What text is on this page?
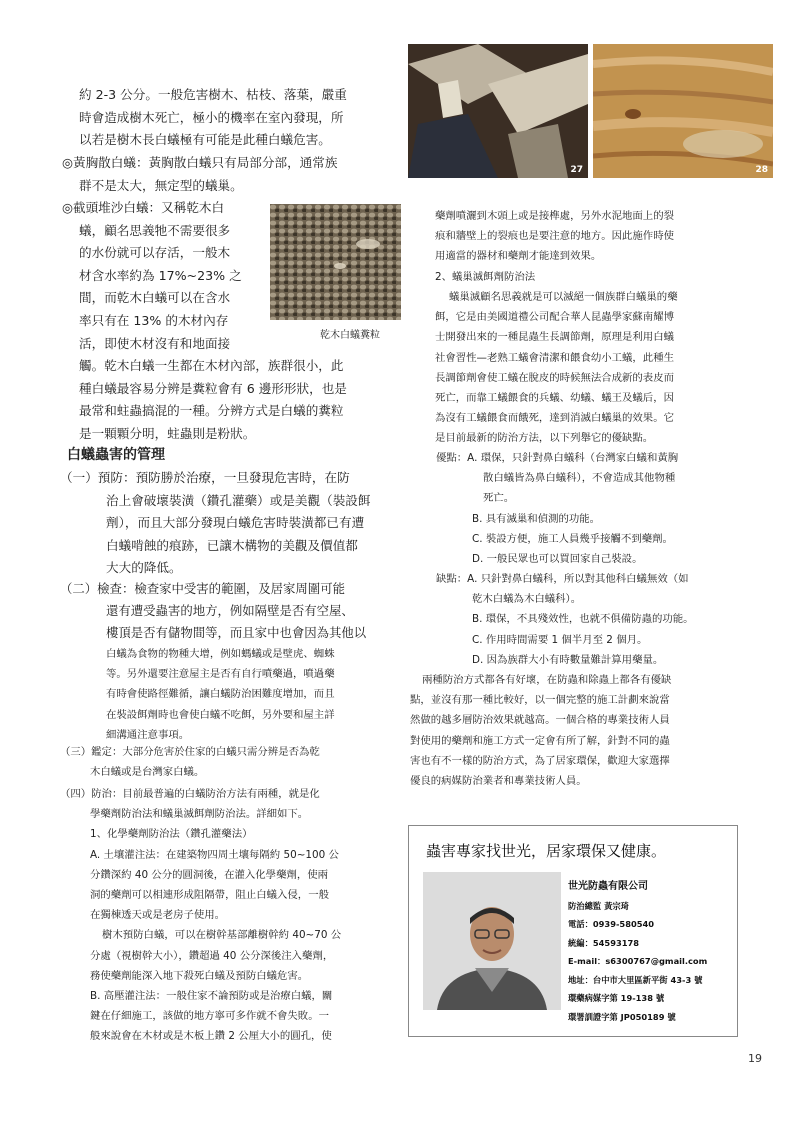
約 2-3 公分。一般危害樹木、枯枝、落葉，嚴重

時會造成樹木死亡，極小的機率在室內發現，所

以若是樹木長白蟻極有可能是此種白蟻危害。

◎黃胸散白蟻：黃胸散白蟻只有局部分部，通常族

群不是太大，無定型的蟻巢。

◎截頭堆沙白蟻：又稱乾木白

蟻，顧名思義牠不需要很多

的水份就可以存活，一般木

材含水率約為 17%~23% 之

間，而乾木白蟻可以在含水

率只有在 13% 的木材內存

活，即使木材沒有和地面接

觸。乾木白蟻一生都在木材內部，族群很小，此

種白蟻最容易分辨是糞粒會有 6 邊形形狀，也是

最常和蛀蟲搞混的一種。分辨方式是白蟻的糞粒

是一顆顆分明，蛀蟲則是粉狀。

乾木白蟻糞粒
白蟻蟲害的管理

（一）預防：預防勝於治療，一旦發現危害時，在防

治上會破壞裝潢（鑽孔灌藥）或是美觀（裝設餌

劑），而且大部分發現白蟻危害時裝潢都已有遭

白蟻啃蝕的痕跡，已讓木構物的美觀及價值都

大大的降低。

（二）檢查：檢查家中受害的範圍，及居家周圍可能

還有遭受蟲害的地方，例如隔壁是否有空屋、

樓頂是否有儲物間等，而且家中也會因為其他以

白蟻為食物的物種大增，例如螞蟻或是壁虎、蜘蛛

等。另外還要注意屋主是否有自行噴藥過，噴過藥

有時會使路徑難循，讓白蟻防治困難度增加，而且

在裝設餌劑時也會使白蟻不吃餌，另外要和屋主詳

細溝通注意事項。

（三）鑑定：大部分危害於住家的白蟻只需分辨是否為乾

木白蟻或是台灣家白蟻。

（四）防治：目前最普遍的白蟻防治方法有兩種，就是化

學藥劑防治法和蟻巢滅餌劑防治法。詳細如下。

1、化學藥劑防治法（鑽孔灌藥法）

A. 土壤灌注法：在建築物四周土壤每隔約 50~100 公

分鑽深約 40 公分的圓洞後，在灌入化學藥劑，使兩

洞的藥劑可以相連形成阻隔帶，阻止白蟻入侵，一般

在獨棟透天或是老房子使用。

樹木預防白蟻，可以在樹幹基部離樹幹約 40~70 公

分處（視樹幹大小），鑽超過 40 公分深後注入藥劑，

務使藥劑能深入地下殺死白蟻及預防白蟻危害。

B. 高壓灌注法：一般住家不論預防或是治療白蟻，關

鍵在仔細施工，該做的地方寧可多作就不會失敗。一

般來說會在木材或是木板上鑽 2 公厘大小的圓孔，使

27	28

藥劑噴灑到木頭上或是接榫處，另外水泥地面上的裂

痕和牆壁上的裂痕也是要注意的地方。因此施作時使

用適當的器材和藥劑才能達到效果。

2、蟻巢滅餌劑防治法

蟻巢滅顧名思義就是可以滅絕一個族群白蟻巢的藥

餌，它是由美國道禮公司配合華人昆蟲學家蘇南耀博

士開發出來的一種昆蟲生長調節劑，原理是利用白蟻

社會習性—老熟工蟻會清潔和餵食幼小工蟻，此種生

長調節劑會使工蟻在脫皮的時候無法合成新的表皮而

死亡，而靠工蟻餵食的兵蟻、幼蟻、蟻王及蟻后，因

為沒有工蟻餵食而餓死，達到消滅白蟻巢的效果。它

是目前最新的防治方法，以下列舉它的優缺點。

優點：A. 環保，只針對鼻白蟻科（台灣家白蟻和黃胸

散白蟻皆為鼻白蟻科），不會造成其他物種

死亡。

B. 具有滅巢和偵測的功能。

C. 裝設方便，施工人員幾乎接觸不到藥劑。

D. 一般民眾也可以買回家自己裝設。

缺點：A. 只針對鼻白蟻科，所以對其他科白蟻無效（如

乾木白蟻為木白蟻科）。

B. 環保，不具殘效性，也就不俱備防蟲的功能。

C. 作用時間需要 1 個半月至 2 個月。

D. 因為族群大小有時數量難計算用藥量。

兩種防治方式都各有好壞，在防蟲和除蟲上都各有優缺

點，並沒有那一種比較好，以一個完整的施工計劃來說當

然做的越多層防治效果就越高。一個合格的專業技術人員

對使用的藥劑和施工方式一定會有所了解，針對不同的蟲

害也有不一樣的防治方式，為了居家環保，歡迎大家選擇

優良的病媒防治業者和專業技術人員。

蟲害專家找世光，居家環保又健康。
世光防蟲有限公司
防治總監 黃宗琦
電話：0939-580540
統編：54593178
E-mail：s6300767@gmail.com
地址：台中市大里區新平街 43-3 號
環藥病媒字第 19-138 號
環署訓證字第 JP050189 號
19
